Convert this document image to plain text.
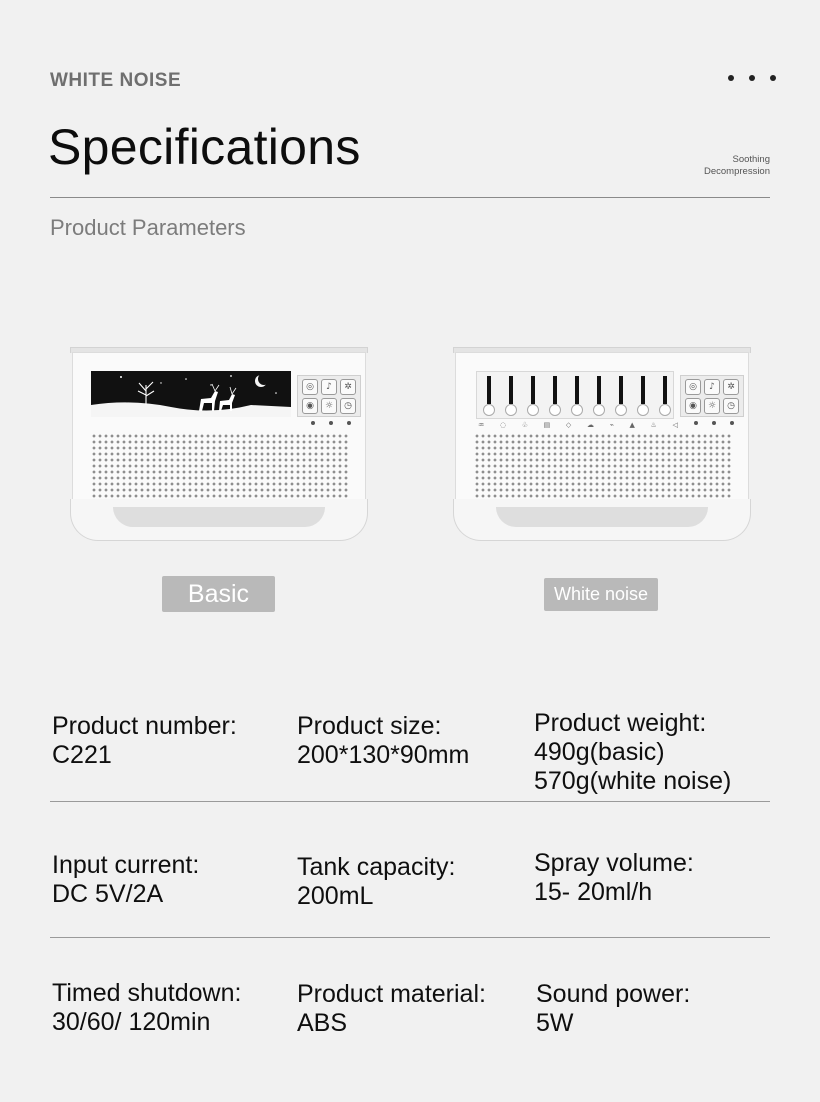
WHITE NOISE
Specifications	Soothing
Decompression
Product Parameters
◎	♪	✲
◉	☼	◷
♒ ◌ ♧ ▤ ◇ ☁ ⌁ ▲ ♨ ◁
◎	♪	✲
◉	☼	◷
Basic	White noise
Product number:
C221
Product size:
200*130*90mm
Product weight:
490g(basic)
570g(white noise)
Input current:
DC 5V/2A
Tank capacity:
200mL
Spray volume:
15- 20ml/h
Timed shutdown:
30/60/ 120min
Product material:
ABS
Sound power:
5W
